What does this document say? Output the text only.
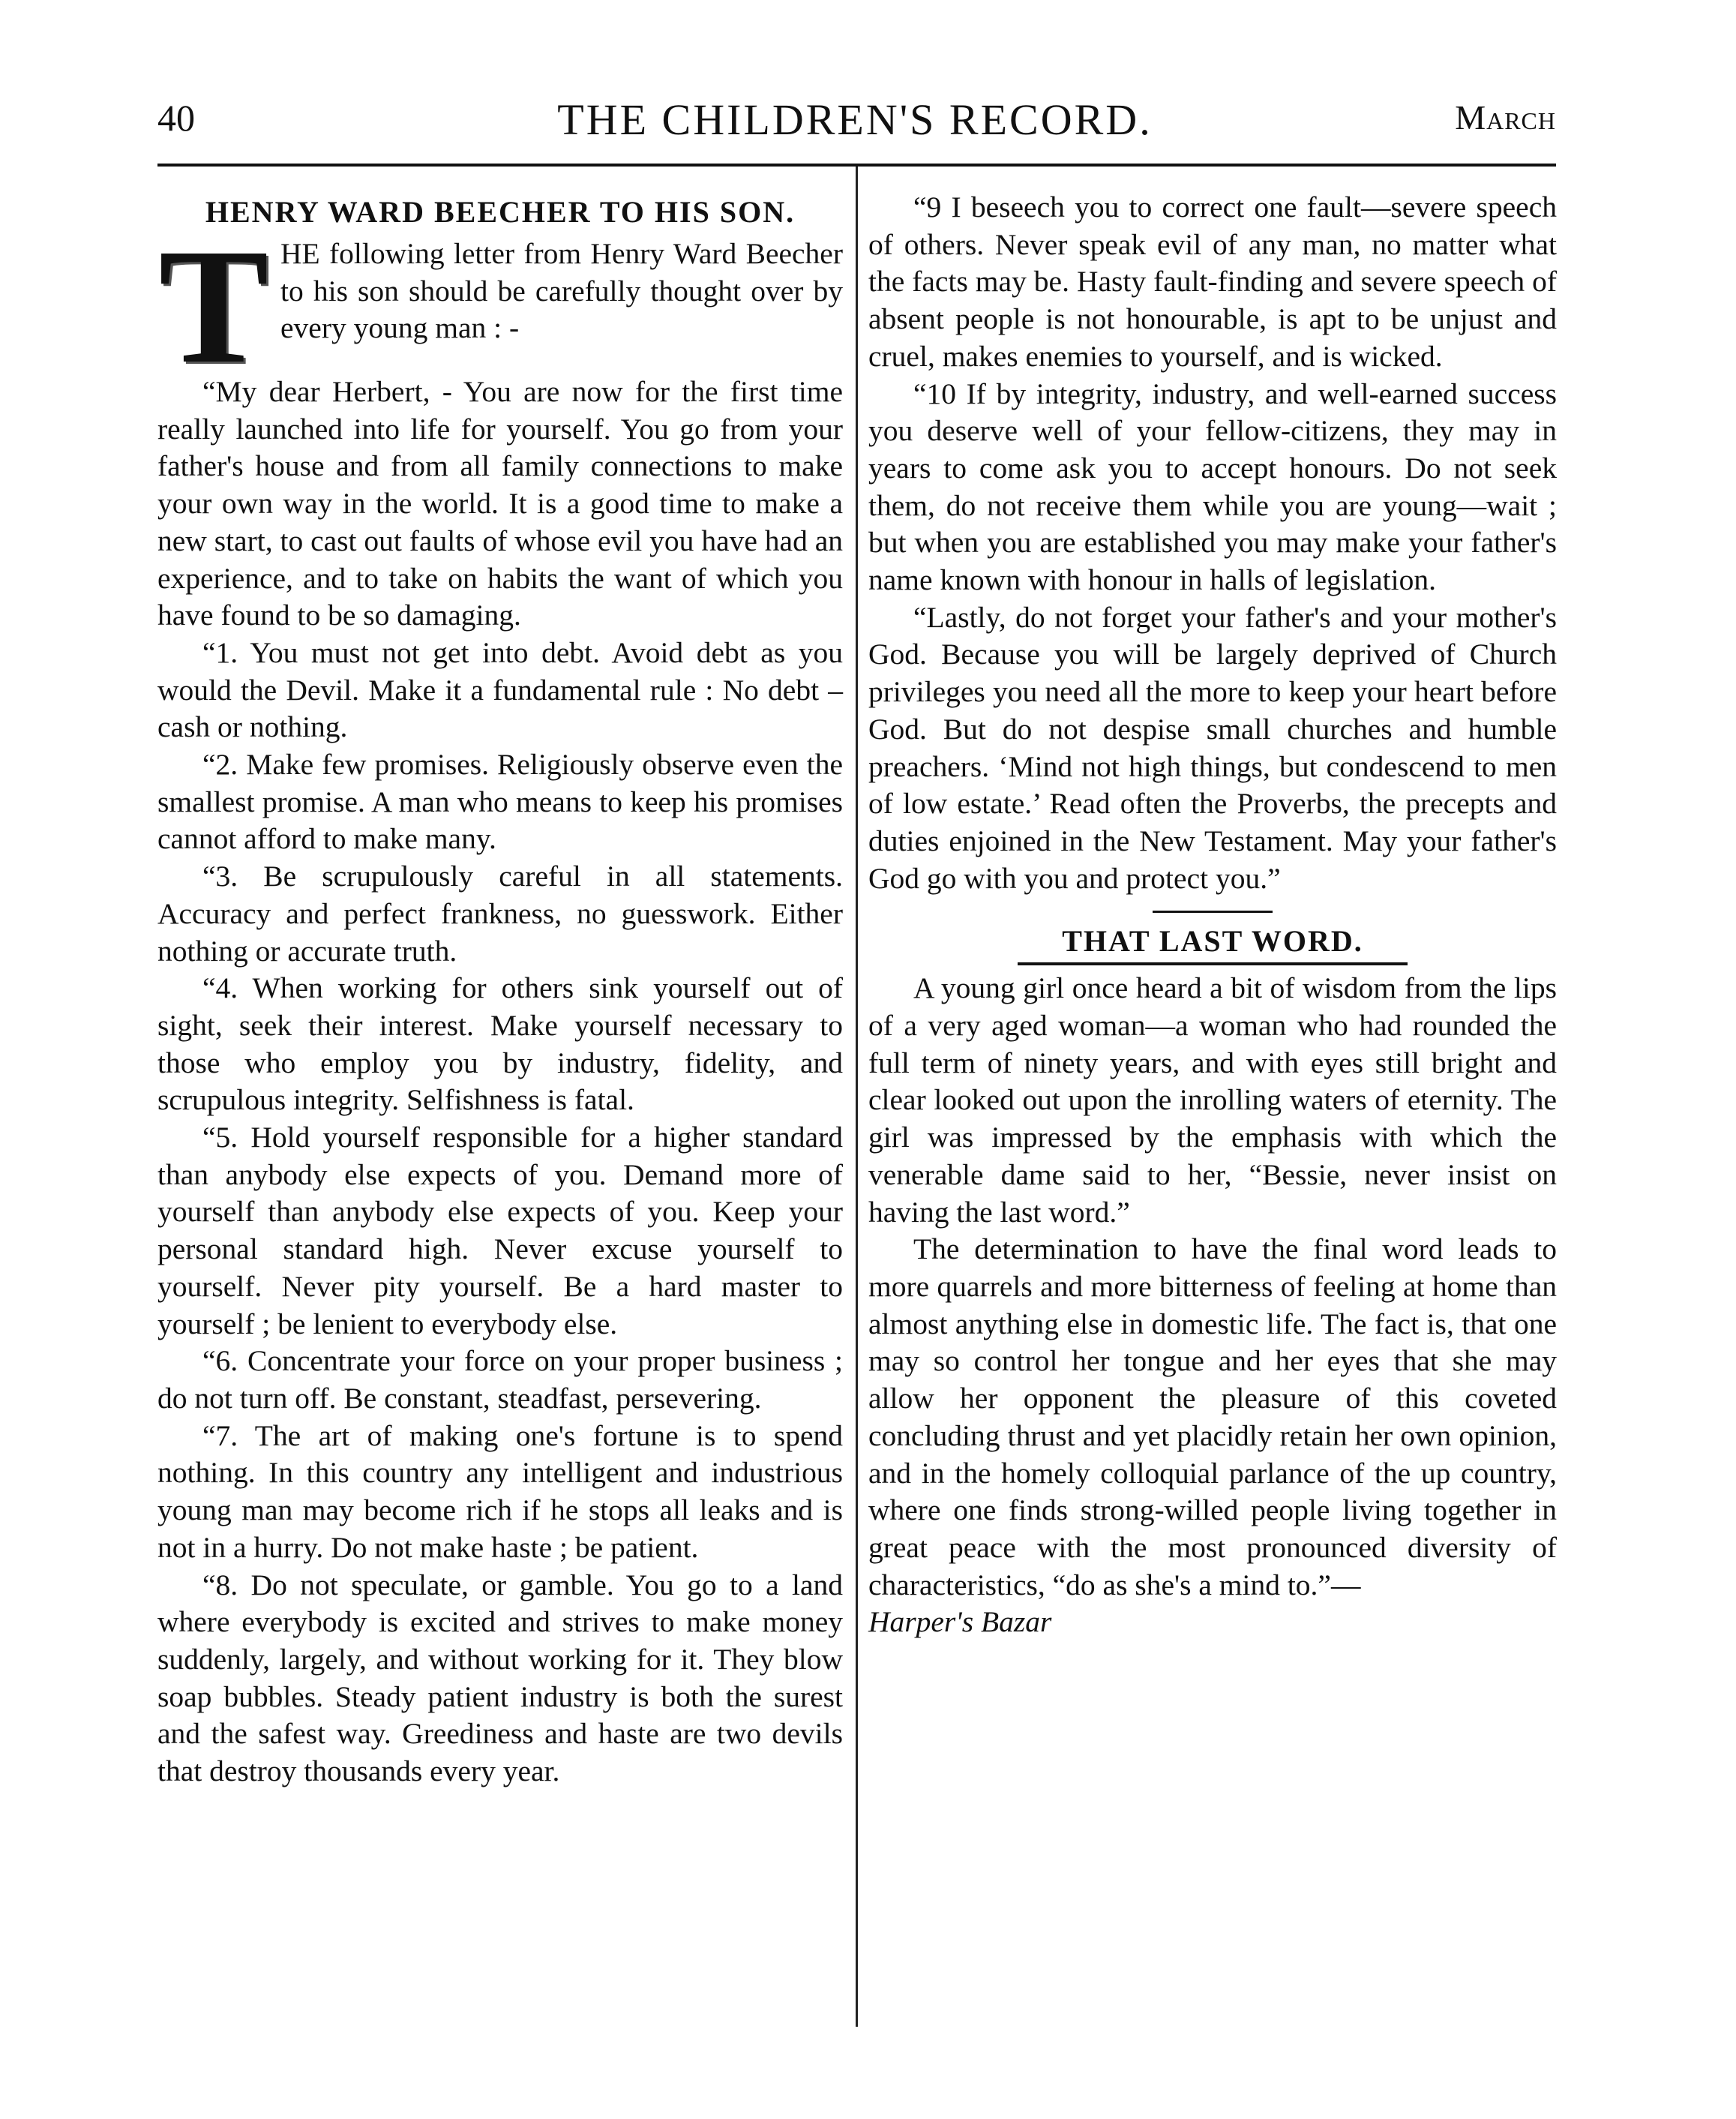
40	THE CHILDREN'S RECORD.	March
HENRY WARD BEECHER TO HIS SON.
T HE following letter from Henry Ward Beecher to his son should be carefully thought over by every young man : -

“My dear Herbert, - You are now for the first time really launched into life for yourself. You go from your father's house and from all family connections to make your own way in the world. It is a good time to make a new start, to cast out faults of whose evil you have had an experience, and to take on habits the want of which you have found to be so damaging.

“1. You must not get into debt. Avoid debt as you would the Devil. Make it a fundamental rule : No debt – cash or nothing.

“2. Make few promises. Religiously observe even the smallest promise. A man who means to keep his promises cannot afford to make many.

“3. Be scrupulously careful in all statements. Accuracy and perfect frankness, no guesswork. Either nothing or accurate truth.

“4. When working for others sink yourself out of sight, seek their interest. Make yourself necessary to those who employ you by industry, fidelity, and scrupulous integrity. Selfishness is fatal.

“5. Hold yourself responsible for a higher standard than anybody else expects of you. Demand more of yourself than anybody else expects of you. Keep your personal standard high. Never excuse yourself to yourself. Never pity yourself. Be a hard master to yourself ; be lenient to everybody else.

“6. Concentrate your force on your proper business ; do not turn off. Be constant, steadfast, persevering.

“7. The art of making one's fortune is to spend nothing. In this country any intelligent and industrious young man may become rich if he stops all leaks and is not in a hurry. Do not make haste ; be patient.

“8. Do not speculate, or gamble. You go to a land where everybody is excited and strives to make money suddenly, largely, and without working for it. They blow soap bubbles. Steady patient industry is both the surest and the safest way. Greediness and haste are two devils that destroy thousands every year.

“9 I beseech you to correct one fault—severe speech of others. Never speak evil of any man, no matter what the facts may be. Hasty fault-finding and severe speech of absent people is not honourable, is apt to be unjust and cruel, makes enemies to yourself, and is wicked.

“10 If by integrity, industry, and well-earned success you deserve well of your fellow-citizens, they may in years to come ask you to accept honours. Do not seek them, do not receive them while you are young—wait ; but when you are established you may make your father's name known with honour in halls of legislation.

“Lastly, do not forget your father's and your mother's God. Because you will be largely deprived of Church privileges you need all the more to keep your heart before God. But do not despise small churches and humble preachers. ‘Mind not high things, but condescend to men of low estate.’ Read often the Proverbs, the precepts and duties enjoined in the New Testament. May your father's God go with you and protect you.”

THAT LAST WORD.

A young girl once heard a bit of wisdom from the lips of a very aged woman—a woman who had rounded the full term of ninety years, and with eyes still bright and clear looked out upon the inrolling waters of eternity. The girl was impressed by the emphasis with which the venerable dame said to her, “Bessie, never insist on having the last word.”

The determination to have the final word leads to more quarrels and more bitterness of feeling at home than almost anything else in domestic life. The fact is, that one may so control her tongue and her eyes that she may allow her opponent the pleasure of this coveted concluding thrust and yet placidly retain her own opinion, and in the homely colloquial parlance of the up country, where one finds strong-willed people living together in great peace with the most pronounced diversity of characteristics, “do as she's a mind to.”—

Harper's Bazar
